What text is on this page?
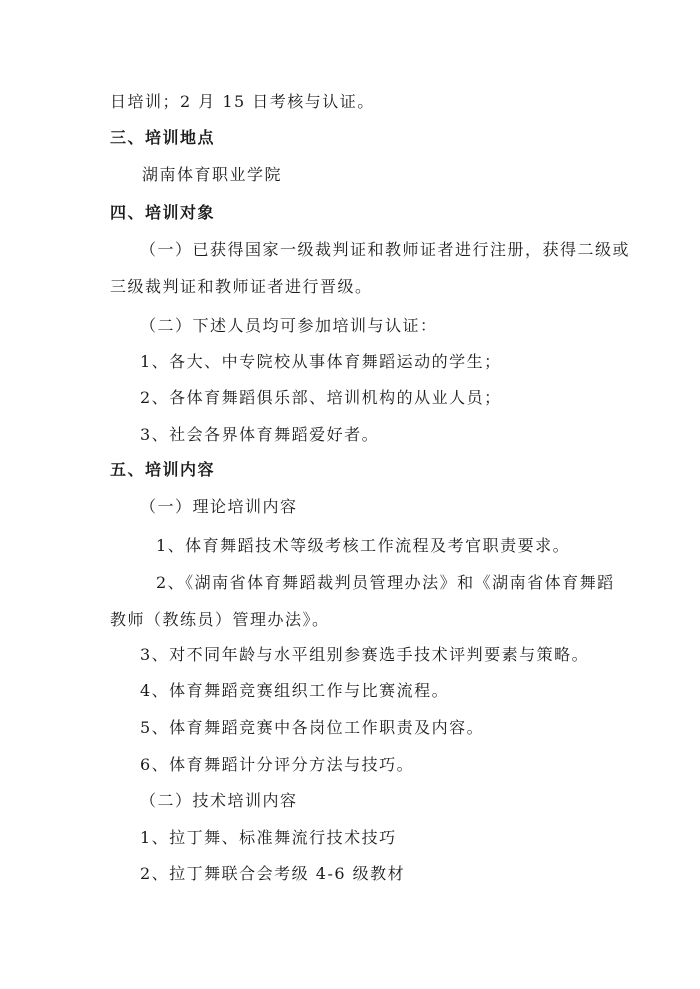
日培训；2 月 15 日考核与认证。
三、培训地点
湖南体育职业学院
四、培训对象
（一）已获得国家一级裁判证和教师证者进行注册，获得二级或
三级裁判证和教师证者进行晋级。
（二）下述人员均可参加培训与认证：
1、各大、中专院校从事体育舞蹈运动的学生；
2、各体育舞蹈俱乐部、培训机构的从业人员；
3、社会各界体育舞蹈爱好者。
五、培训内容
（一）理论培训内容
1、体育舞蹈技术等级考核工作流程及考官职责要求。
2、《湖南省体育舞蹈裁判员管理办法》和《湖南省体育舞蹈
教师（教练员）管理办法》。
3、对不同年龄与水平组别参赛选手技术评判要素与策略。
4、体育舞蹈竞赛组织工作与比赛流程。
5、体育舞蹈竞赛中各岗位工作职责及内容。
6、体育舞蹈计分评分方法与技巧。
（二）技术培训内容
1、拉丁舞、标准舞流行技术技巧
2、拉丁舞联合会考级 4-6 级教材
